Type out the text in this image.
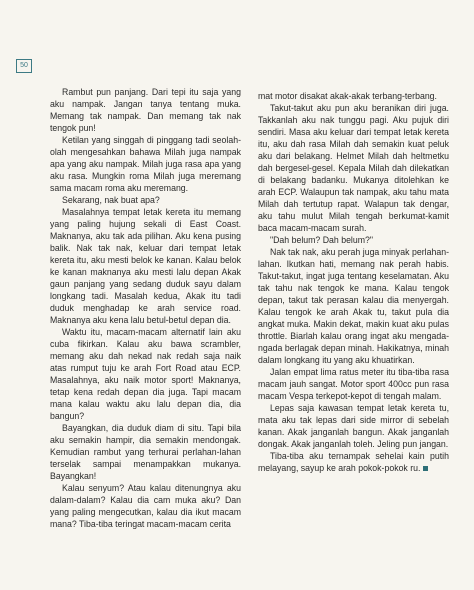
50

Rambut pun panjang. Dari tepi itu saja yang aku nampak. Jangan tanya tentang muka. Memang tak nampak. Dan memang tak nak tengok pun!

Ketilan yang singgah di pinggang tadi seolah-olah mengesahkan bahawa Milah juga nampak apa yang aku nampak. Milah juga rasa apa yang aku rasa. Mungkin roma Milah juga meremang sama macam roma aku meremang.

Sekarang, nak buat apa?

Masalahnya tempat letak kereta itu memang yang paling hujung sekali di East Coast. Maknanya, aku tak ada pilihan. Aku kena pusing balik. Nak tak nak, keluar dari tempat letak kereta itu, aku mesti belok ke kanan. Kalau belok ke kanan maknanya aku mesti lalu depan Akak gaun panjang yang sedang duduk sayu dalam longkang tadi. Masalah kedua, Akak itu tadi duduk menghadap ke arah service road. Maknanya aku kena lalu betul-betul depan dia.

Waktu itu, macam-macam alternatif lain aku cuba fikirkan. Kalau aku bawa scrambler, memang aku dah nekad nak redah saja naik atas rumput tuju ke arah Fort Road atau ECP. Masalahnya, aku naik motor sport! Maknanya, tetap kena redah depan dia juga. Tapi macam mana kalau waktu aku lalu depan dia, dia bangun?

Bayangkan, dia duduk diam di situ. Tapi bila aku semakin hampir, dia semakin mendongak. Kemudian rambut yang terhurai perlahan-lahan terselak sampai menampakkan mukanya. Bayangkan!

Kalau senyum? Atau kalau ditenungnya aku dalam-dalam? Kalau dia cam muka aku? Dan yang paling mengecutkan, kalau dia ikut macam mana? Tiba-tiba teringat macam-macam cerita

mat motor disakat akak-akak terbang-terbang.

Takut-takut aku pun aku beranikan diri juga. Takkanlah aku nak tunggu pagi. Aku pujuk diri sendiri. Masa aku keluar dari tempat letak kereta itu, aku dah rasa Milah dah semakin kuat peluk aku dari belakang. Helmet Milah dah heltmetku dah bergesel-gesel. Kepala Milah dah dilekatkan di belakang badanku. Mukanya ditolehkan ke arah ECP. Walaupun tak nampak, aku tahu mata Milah dah tertutup rapat. Walapun tak dengar, aku tahu mulut Milah tengah berkumat-kamit baca macam-macam surah.

"Dah belum? Dah belum?"

Nak tak nak, aku perah juga minyak perlahan-lahan. Ikutkan hati, memang nak perah habis. Takut-takut, ingat juga tentang keselamatan. Aku tak tahu nak tengok ke mana. Kalau tengok depan, takut tak perasan kalau dia menyergah. Kalau tengok ke arah Akak tu, takut pula dia angkat muka. Makin dekat, makin kuat aku pulas throttle. Biarlah kalau orang ingat aku mengada-ngada berlagak depan minah. Hakikatnya, minah dalam longkang itu yang aku khuatirkan.

Jalan empat lima ratus meter itu tiba-tiba rasa macam jauh sangat. Motor sport 400cc pun rasa macam Vespa terkepot-kepot di tengah malam.

Lepas saja kawasan tempat letak kereta tu, mata aku tak lepas dari side mirror di sebelah kanan. Akak janganlah bangun. Akak janganlah dongak. Akak janganlah toleh. Jeling pun jangan.

Tiba-tiba aku ternampak sehelai kain putih melayang, sayup ke arah pokok-pokok ru.
